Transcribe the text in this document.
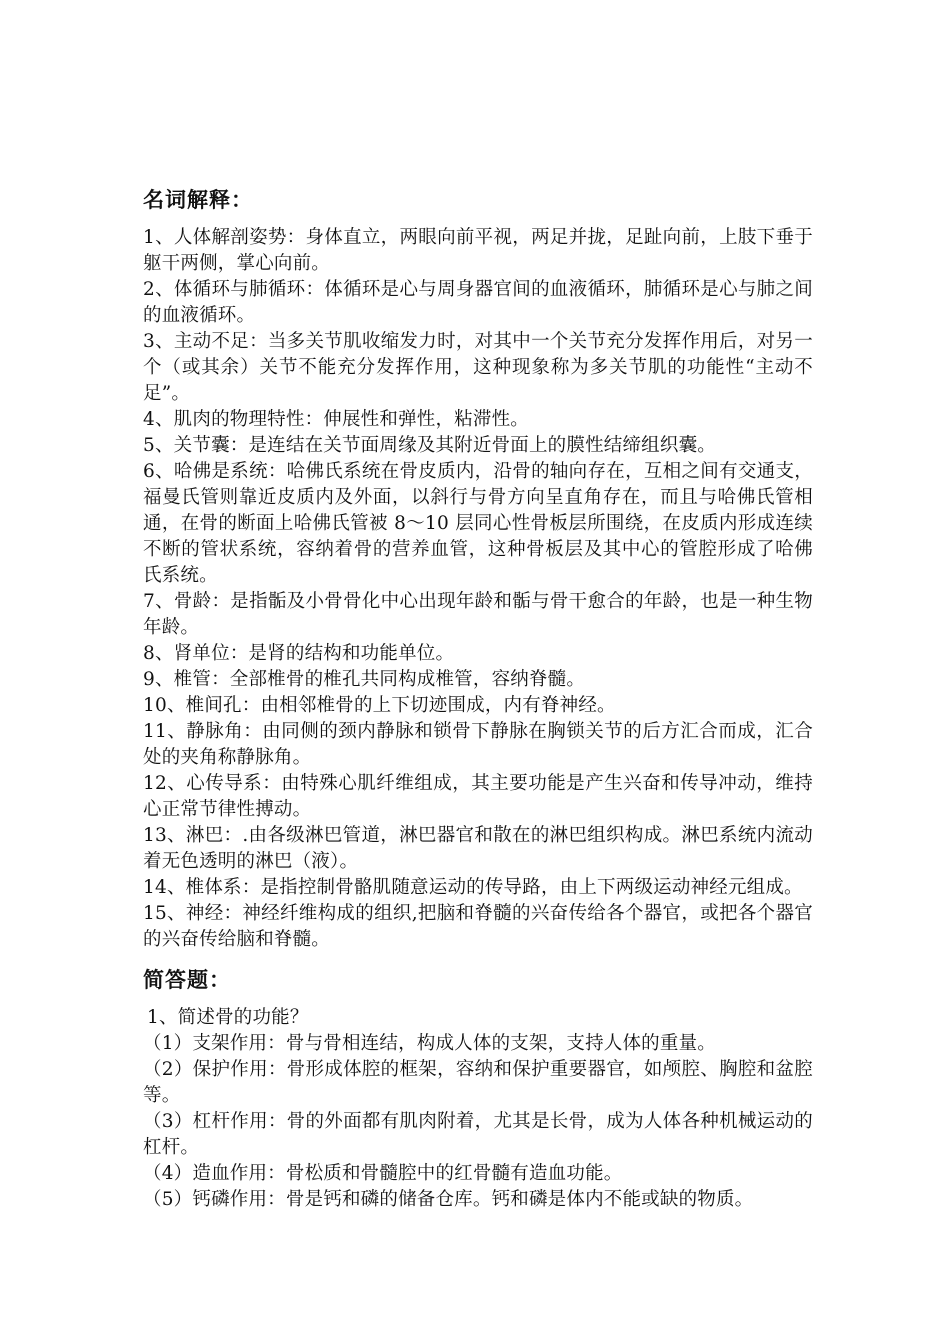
名词解释：

1、人体解剖姿势：身体直立，两眼向前平视，两足并拢，足趾向前，上肢下垂于躯干两侧，掌心向前。

2、体循环与肺循环：体循环是心与周身器官间的血液循环，肺循环是心与肺之间的血液循环。

3、主动不足：当多关节肌收缩发力时，对其中一个关节充分发挥作用后，对另一个（或其余）关节不能充分发挥作用，这种现象称为多关节肌的功能性“主动不足”。

4、肌肉的物理特性：伸展性和弹性，粘滞性。

5、关节囊：是连结在关节面周缘及其附近骨面上的膜性结缔组织囊。

6、哈佛是系统：哈佛氏系统在骨皮质内，沿骨的轴向存在，互相之间有交通支，福曼氏管则靠近皮质内及外面，以斜行与骨方向呈直角存在，而且与哈佛氏管相通，在骨的断面上哈佛氏管被 8～10 层同心性骨板层所围绕，在皮质内形成连续不断的管状系统，容纳着骨的营养血管，这种骨板层及其中心的管腔形成了哈佛氏系统。

7、骨龄：是指骺及小骨骨化中心出现年龄和骺与骨干愈合的年龄，也是一种生物年龄。

8、肾单位：是肾的结构和功能单位。

9、椎管：全部椎骨的椎孔共同构成椎管，容纳脊髓。

10、椎间孔：由相邻椎骨的上下切迹围成，内有脊神经。

11、静脉角：由同侧的颈内静脉和锁骨下静脉在胸锁关节的后方汇合而成，汇合处的夹角称静脉角。

12、心传导系：由特殊心肌纤维组成，其主要功能是产生兴奋和传导冲动，维持心正常节律性搏动。

13、淋巴：.由各级淋巴管道，淋巴器官和散在的淋巴组织构成。淋巴系统内流动着无色透明的淋巴（液）。

14、椎体系：是指控制骨骼肌随意运动的传导路，由上下两级运动神经元组成。

15、神经：神经纤维构成的组织,把脑和脊髓的兴奋传给各个器官，或把各个器官的兴奋传给脑和脊髓。

简答题：

1、简述骨的功能？

（1）支架作用：骨与骨相连结，构成人体的支架，支持人体的重量。

（2）保护作用：骨形成体腔的框架，容纳和保护重要器官，如颅腔、胸腔和盆腔等。

（3）杠杆作用：骨的外面都有肌肉附着，尤其是长骨，成为人体各种机械运动的杠杆。

（4）造血作用：骨松质和骨髓腔中的红骨髓有造血功能。

（5）钙磷作用：骨是钙和磷的储备仓库。钙和磷是体内不能或缺的物质。
